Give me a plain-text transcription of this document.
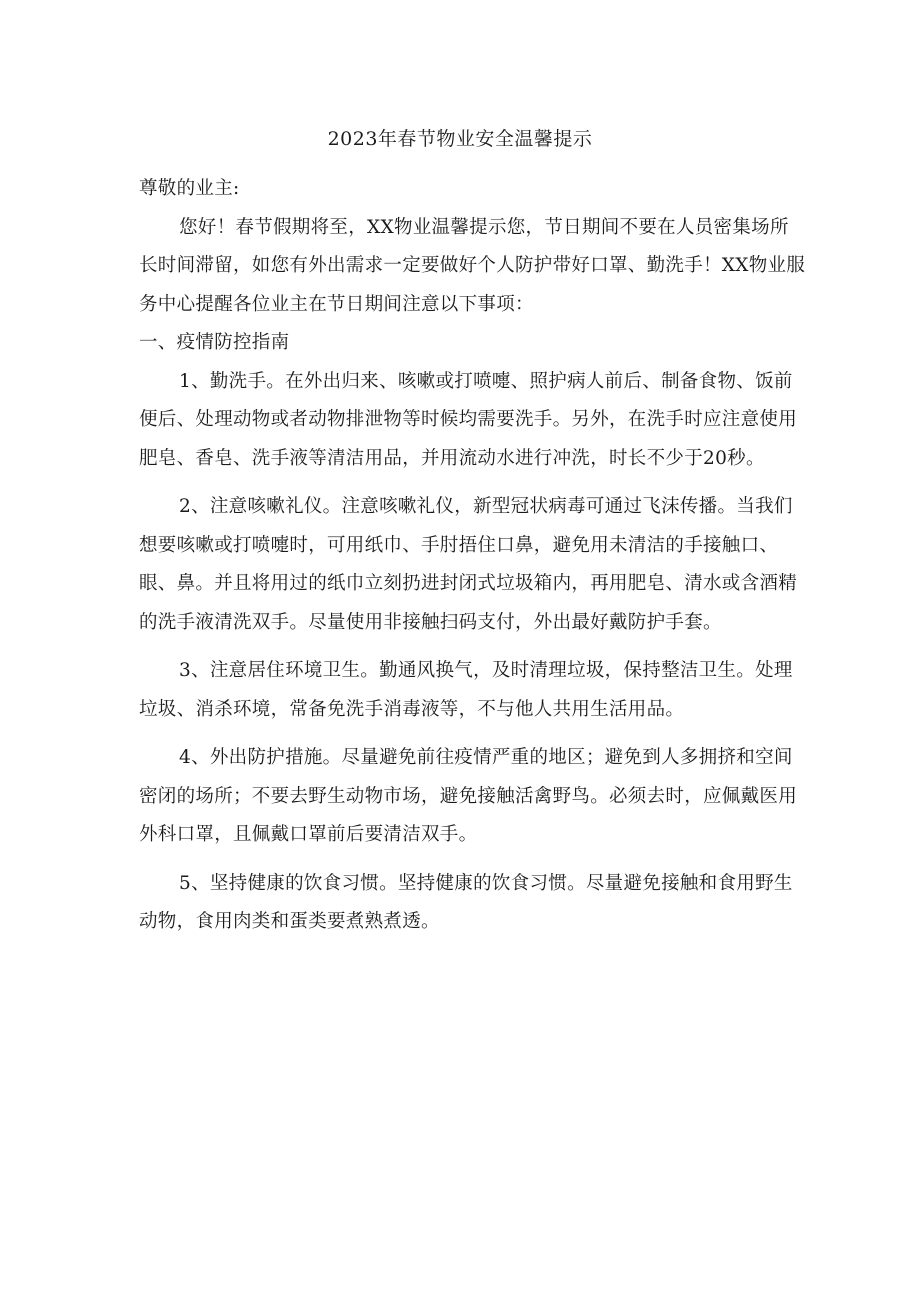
2023年春节物业安全温馨提示

尊敬的业主:

您好！春节假期将至，XX物业温馨提示您，节日期间不要在人员密集场所长时间滞留，如您有外出需求一定要做好个人防护带好口罩、勤洗手！XX物业服务中心提醒各位业主在节日期间注意以下事项：

一、疫情防控指南

1、勤洗手。在外出归来、咳嗽或打喷嚏、照护病人前后、制备食物、饭前便后、处理动物或者动物排泄物等时候均需要洗手。另外，在洗手时应注意使用肥皂、香皂、洗手液等清洁用品，并用流动水进行冲洗，时长不少于20秒。

2、注意咳嗽礼仪。注意咳嗽礼仪，新型冠状病毒可通过飞沫传播。当我们想要咳嗽或打喷嚏时，可用纸巾、手肘捂住口鼻，避免用未清洁的手接触口、眼、鼻。并且将用过的纸巾立刻扔进封闭式垃圾箱内，再用肥皂、清水或含酒精的洗手液清洗双手。尽量使用非接触扫码支付，外出最好戴防护手套。

3、注意居住环境卫生。勤通风换气，及时清理垃圾，保持整洁卫生。处理垃圾、消杀环境，常备免洗手消毒液等，不与他人共用生活用品。

4、外出防护措施。尽量避免前往疫情严重的地区；避免到人多拥挤和空间密闭的场所；不要去野生动物市场，避免接触活禽野鸟。必须去时，应佩戴医用外科口罩，且佩戴口罩前后要清洁双手。

5、坚持健康的饮食习惯。坚持健康的饮食习惯。尽量避免接触和食用野生动物，食用肉类和蛋类要煮熟煮透。
